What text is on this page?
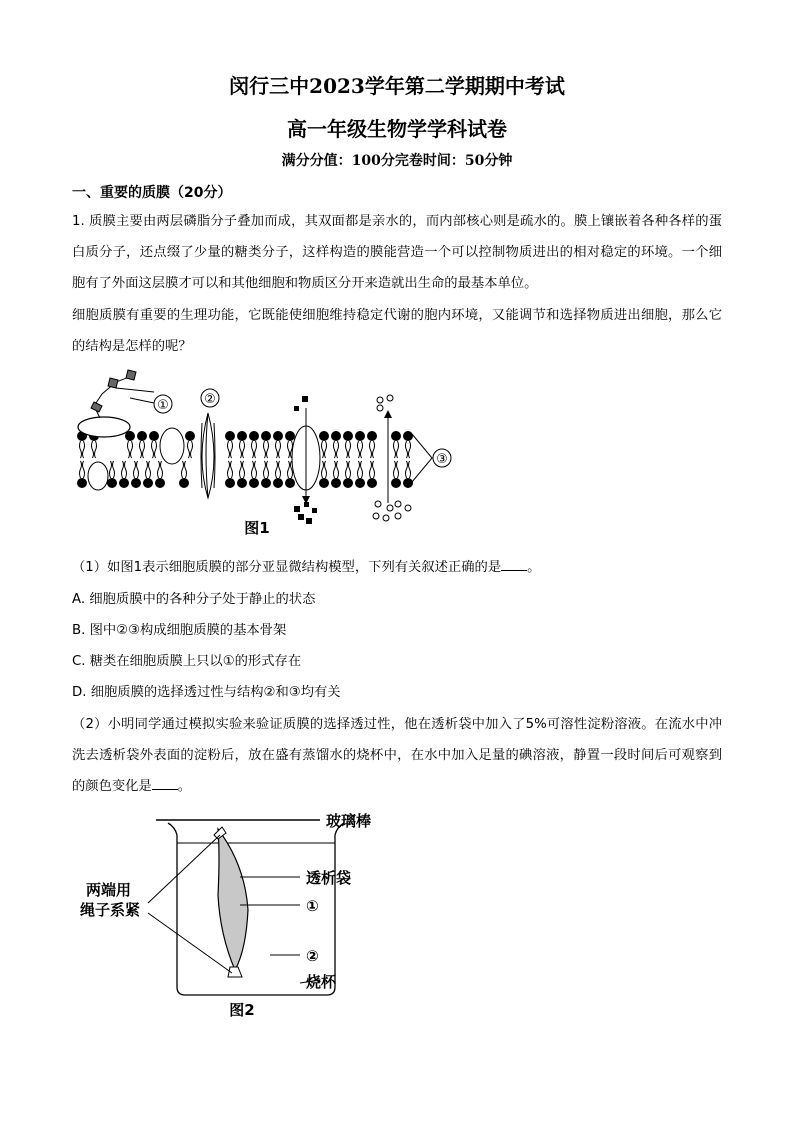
闵行三中2023学年第二学期期中考试
高一年级生物学学科试卷
满分分值：100分完卷时间：50分钟
一、重要的质膜（20分）
1. 质膜主要由两层磷脂分子叠加而成，其双面都是亲水的，而内部核心则是疏水的。膜上镶嵌着各种各样的蛋白质分子，还点缀了少量的糖类分子，这样构造的膜能营造一个可以控制物质进出的相对稳定的环境。一个细胞有了外面这层膜才可以和其他细胞和物质区分开来造就出生命的最基本单位。
细胞质膜有重要的生理功能，它既能使细胞维持稳定代谢的胞内环境，又能调节和选择物质进出细胞，那么它的结构是怎样的呢？
①	②
③
图1
（1）如图1表示细胞质膜的部分亚显微结构模型，下列有关叙述正确的是 。
A. 细胞质膜中的各种分子处于静止的状态
B. 图中②③构成细胞质膜的基本骨架
C. 糖类在细胞质膜上只以①的形式存在
D. 细胞质膜的选择透过性与结构②和③均有关
（2）小明同学通过模拟实验来验证质膜的选择透过性，他在透析袋中加入了5%可溶性淀粉溶液。在流水中冲洗去透析袋外表面的淀粉后，放在盛有蒸馏水的烧杯中，在水中加入足量的碘溶液，静置一段时间后可观察到的颜色变化是 。
玻璃棒
两端用
绳子系紧
透析袋
①
②
烧杯
图2
